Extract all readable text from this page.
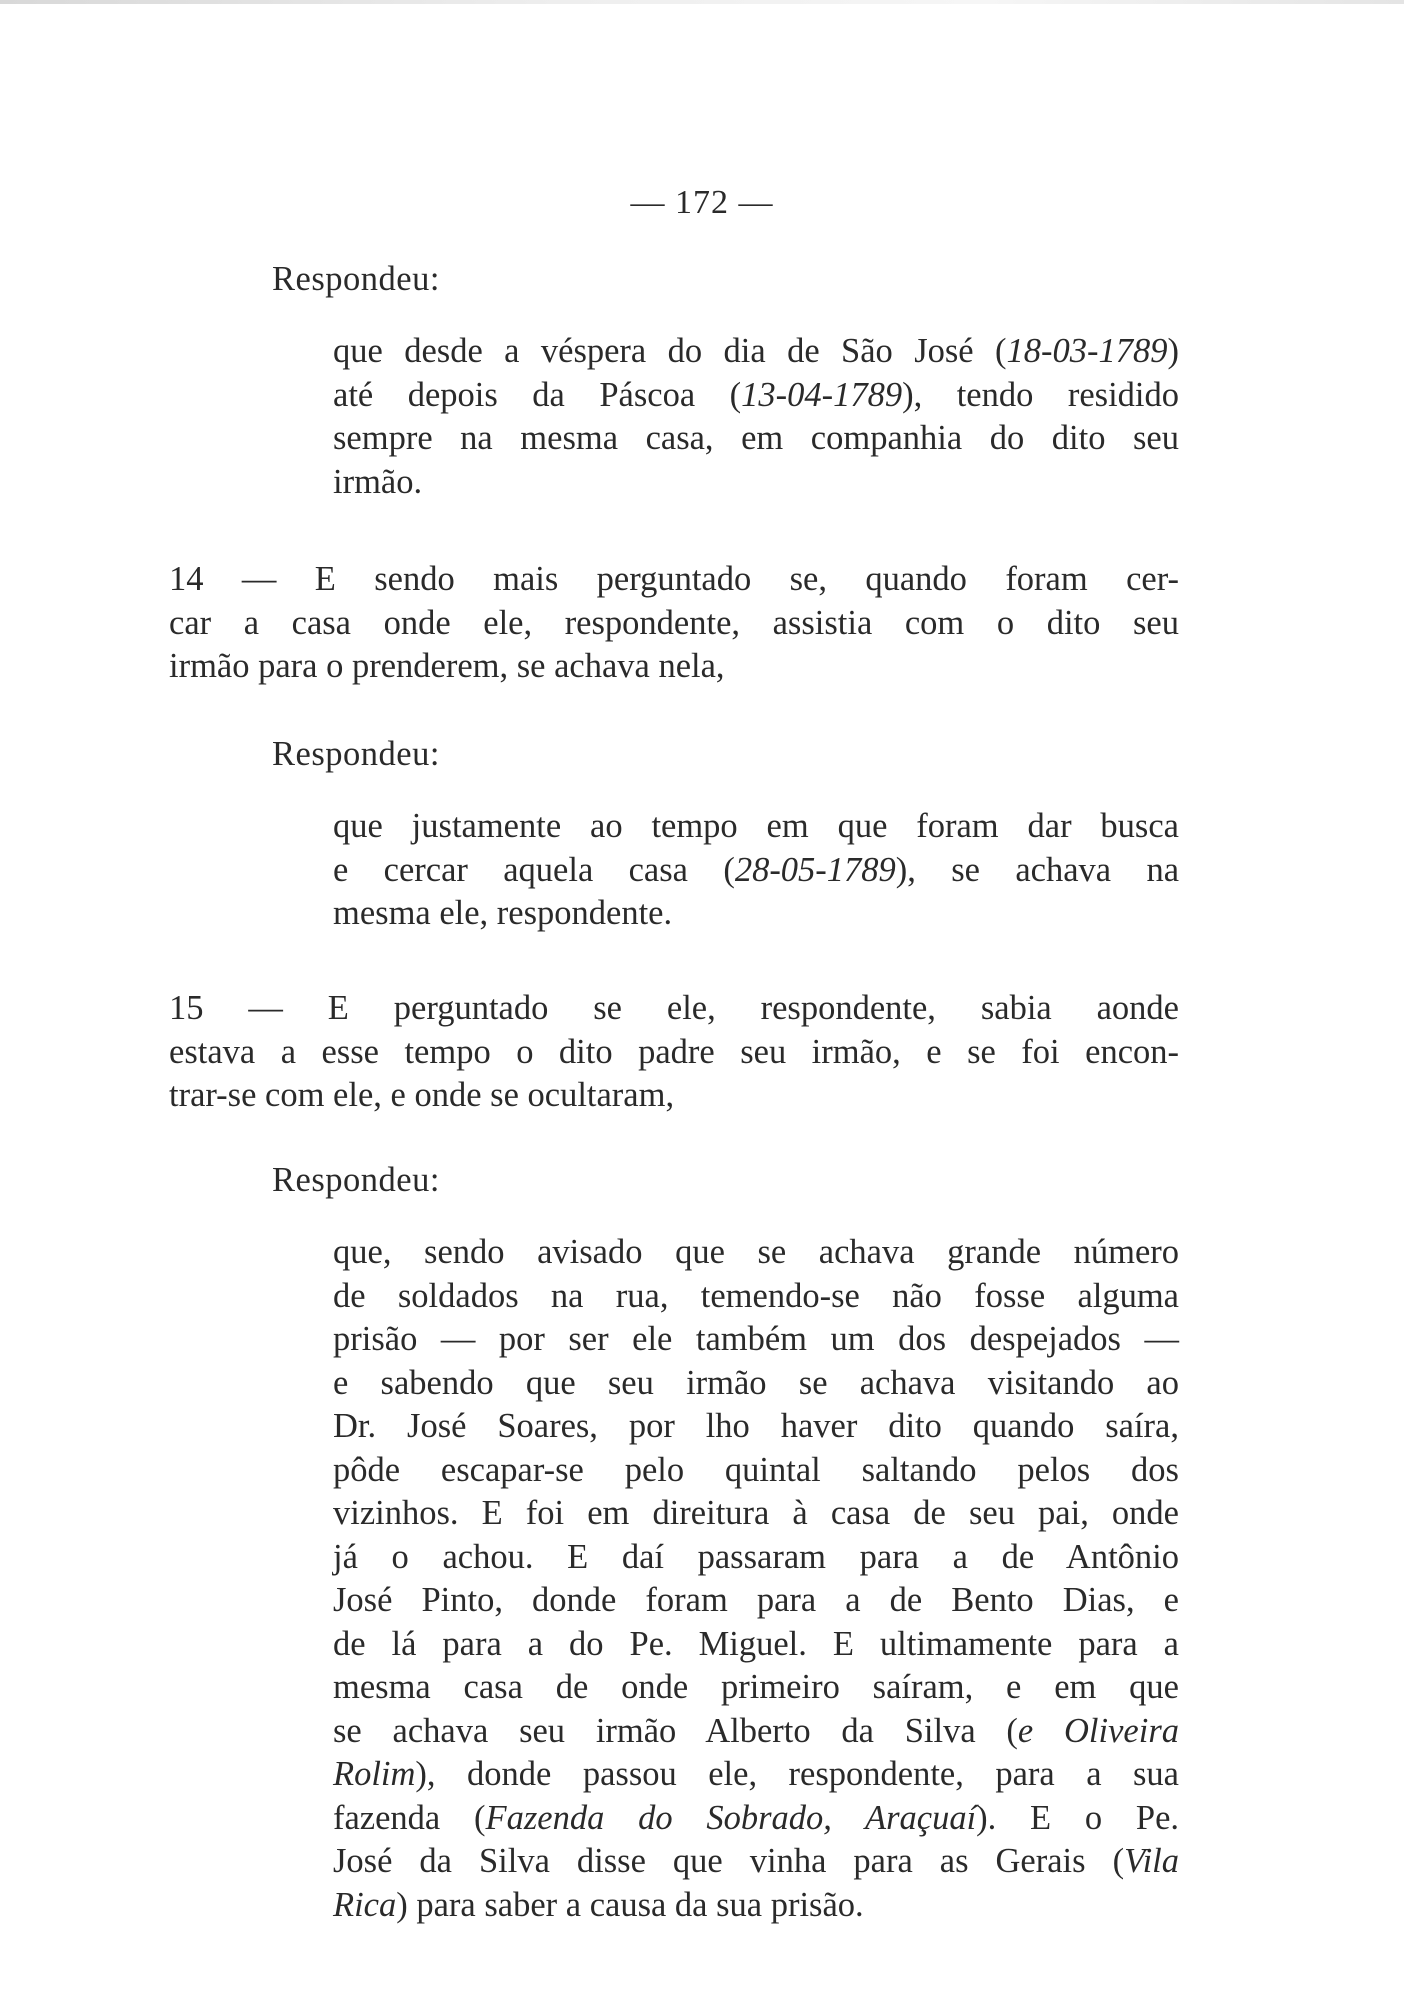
— 172 —
Respondeu:
que desde a véspera do dia de São José (18-03-1789)
até depois da Páscoa (13-04-1789), tendo residido
sempre na mesma casa, em companhia do dito seu
irmão.
14 — E sendo mais perguntado se, quando foram cer-
car a casa onde ele, respondente, assistia com o dito seu
irmão para o prenderem, se achava nela,
Respondeu:
que justamente ao tempo em que foram dar busca
e cercar aquela casa (28-05-1789), se achava na
mesma ele, respondente.
15 — E perguntado se ele, respondente, sabia aonde
estava a esse tempo o dito padre seu irmão, e se foi encon-
trar-se com ele, e onde se ocultaram,
Respondeu:
que, sendo avisado que se achava grande número
de soldados na rua, temendo-se não fosse alguma
prisão — por ser ele também um dos despejados —
e sabendo que seu irmão se achava visitando ao
Dr. José Soares, por lho haver dito quando saíra,
pôde escapar-se pelo quintal saltando pelos dos
vizinhos. E foi em direitura à casa de seu pai, onde
já o achou. E daí passaram para a de Antônio
José Pinto, donde foram para a de Bento Dias, e
de lá para a do Pe. Miguel. E ultimamente para a
mesma casa de onde primeiro saíram, e em que
se achava seu irmão Alberto da Silva (e Oliveira
Rolim), donde passou ele, respondente, para a sua
fazenda (Fazenda do Sobrado, Araçuaí). E o Pe.
José da Silva disse que vinha para as Gerais (Vila
Rica) para saber a causa da sua prisão.
